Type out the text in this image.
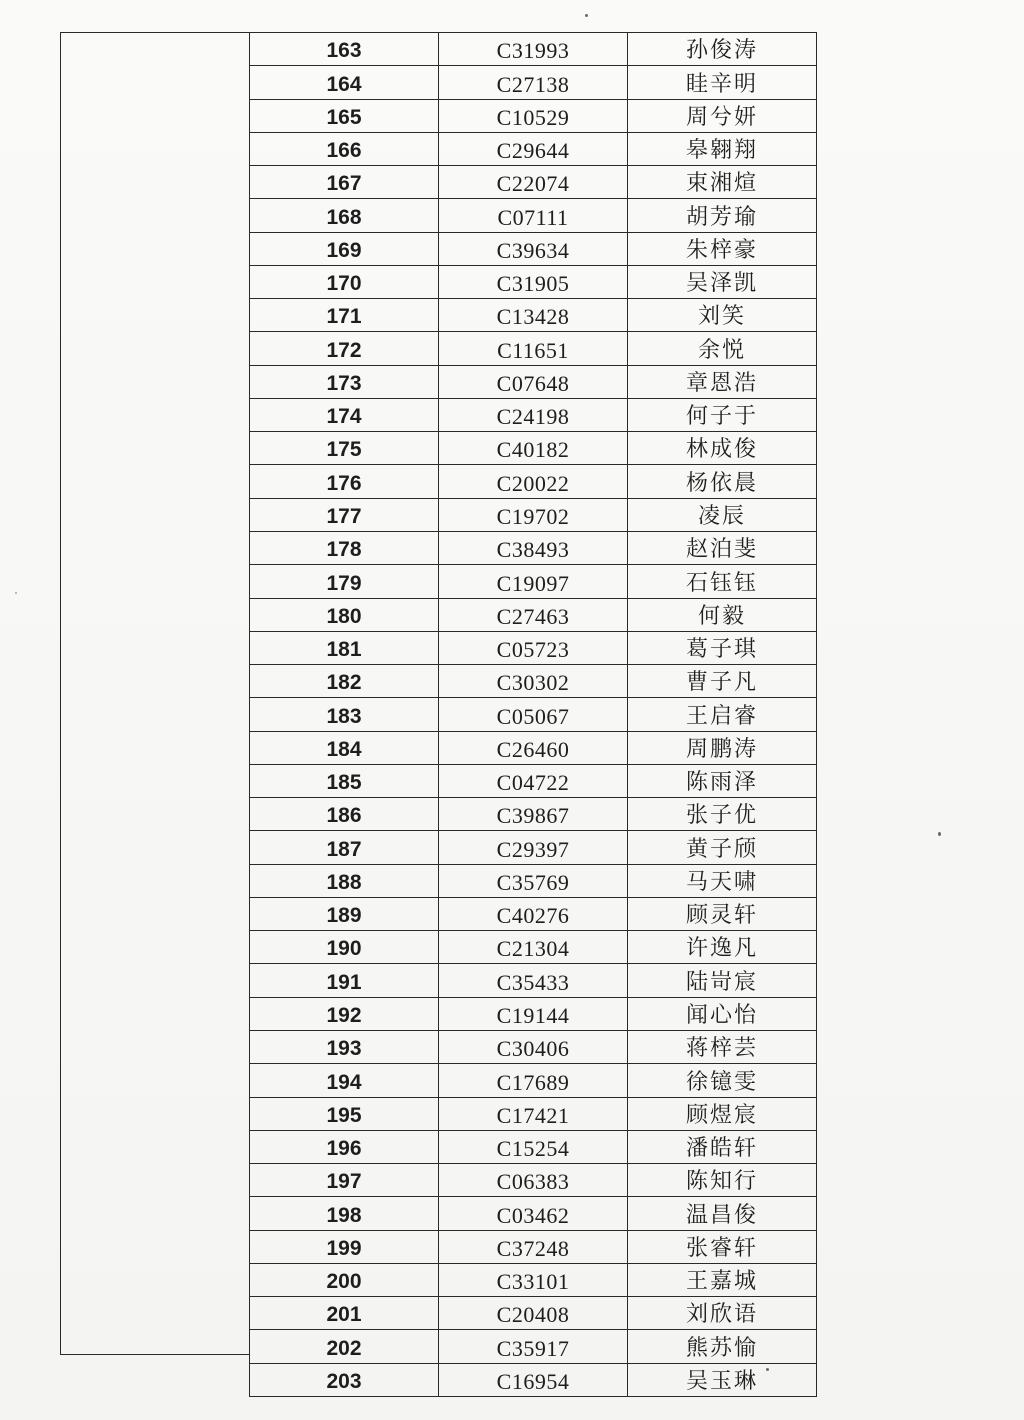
163	C31993	孙俊涛
164	C27138	眭辛明
165	C10529	周兮妍
166	C29644	皋翱翔
167	C22074	束湘煊
168	C07111	胡芳瑜
169	C39634	朱梓豪
170	C31905	吴泽凯
171	C13428	刘笑
172	C11651	余悦
173	C07648	章恩浩
174	C24198	何子于
175	C40182	林成俊
176	C20022	杨依晨
177	C19702	凌辰
178	C38493	赵泊斐
179	C19097	石钰钰
180	C27463	何毅
181	C05723	葛子琪
182	C30302	曹子凡
183	C05067	王启睿
184	C26460	周鹏涛
185	C04722	陈雨泽
186	C39867	张子优
187	C29397	黄子颀
188	C35769	马天啸
189	C40276	顾灵轩
190	C21304	许逸凡
191	C35433	陆岢宸
192	C19144	闻心怡
193	C30406	蒋梓芸
194	C17689	徐镱雯
195	C17421	顾煜宸
196	C15254	潘皓轩
197	C06383	陈知行
198	C03462	温昌俊
199	C37248	张睿轩
200	C33101	王嘉城
201	C20408	刘欣语
202	C35917	熊苏愉
203	C16954	吴玉琳
